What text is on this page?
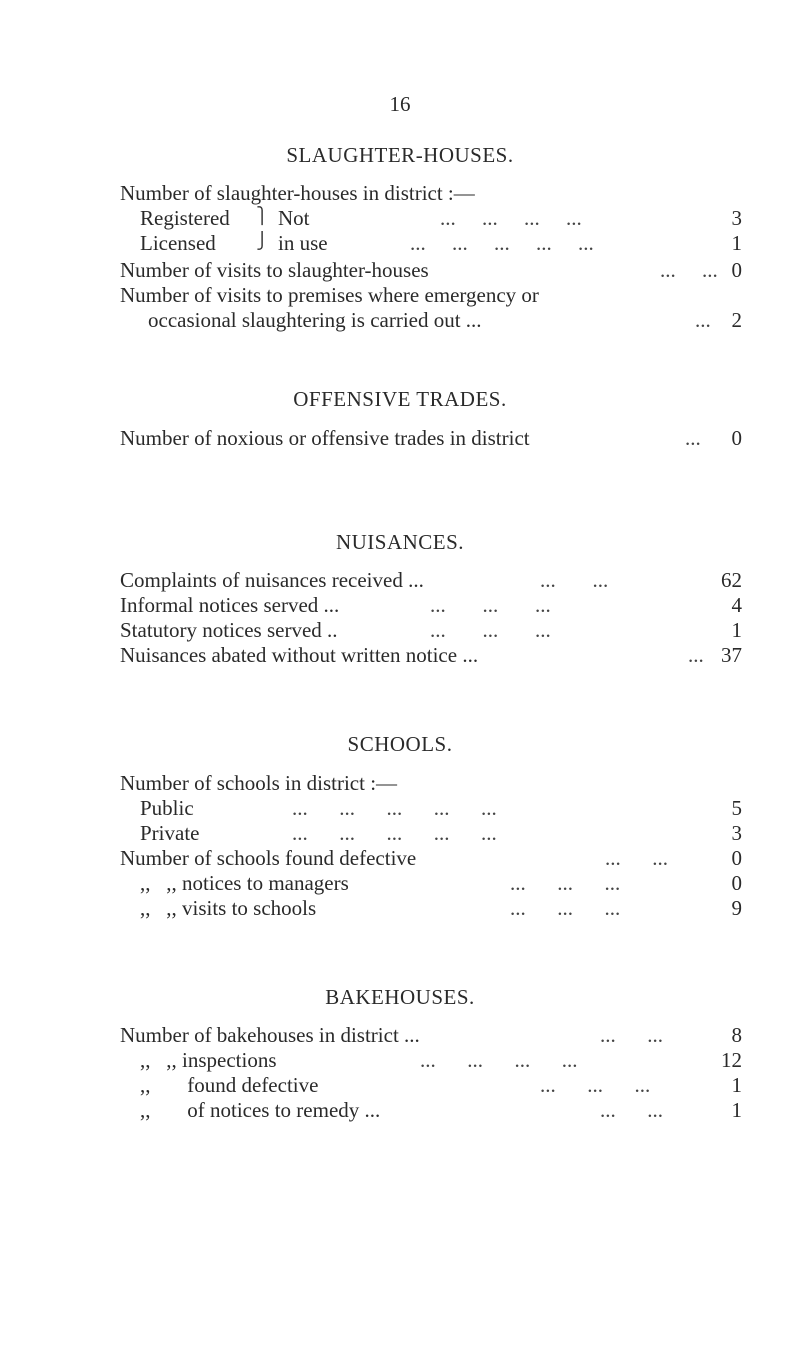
16
SLAUGHTER-HOUSES.
Number of slaughter-houses in district :—
Registered ⎫ Not	...     ...     ...     ...	3
Licensed	⎭ in use	...     ...     ...     ...     ...	1
Number of visits to slaughter-houses	...     ... 0
Number of visits to premises where emergency or
occasional slaughtering is carried out ...	... 2
OFFENSIVE TRADES.
Number of noxious or offensive trades in district	... 0
NUISANCES.
Complaints of nuisances received ...	...       ...	62
Informal notices served ...	...       ...       ...	4
Statutory notices served ..	...       ...       ...	1
Nuisances abated without written notice ...	... 37
SCHOOLS.
Number of schools in district :—
Public	...      ...      ...      ...      ...	5
Private	...      ...      ...      ...      ...	3
Number of schools found defective	...      ...	0
,,   ,, notices to managers	...      ...      ...	0
,,   ,, visits to schools	...      ...      ...	9
BAKEHOUSES.
Number of bakehouses in district ...	...      ...	8
,,   ,, inspections	...      ...      ...      ...	12
,,       found defective	...      ...      ...	1
,,       of notices to remedy ...	...      ...	1
